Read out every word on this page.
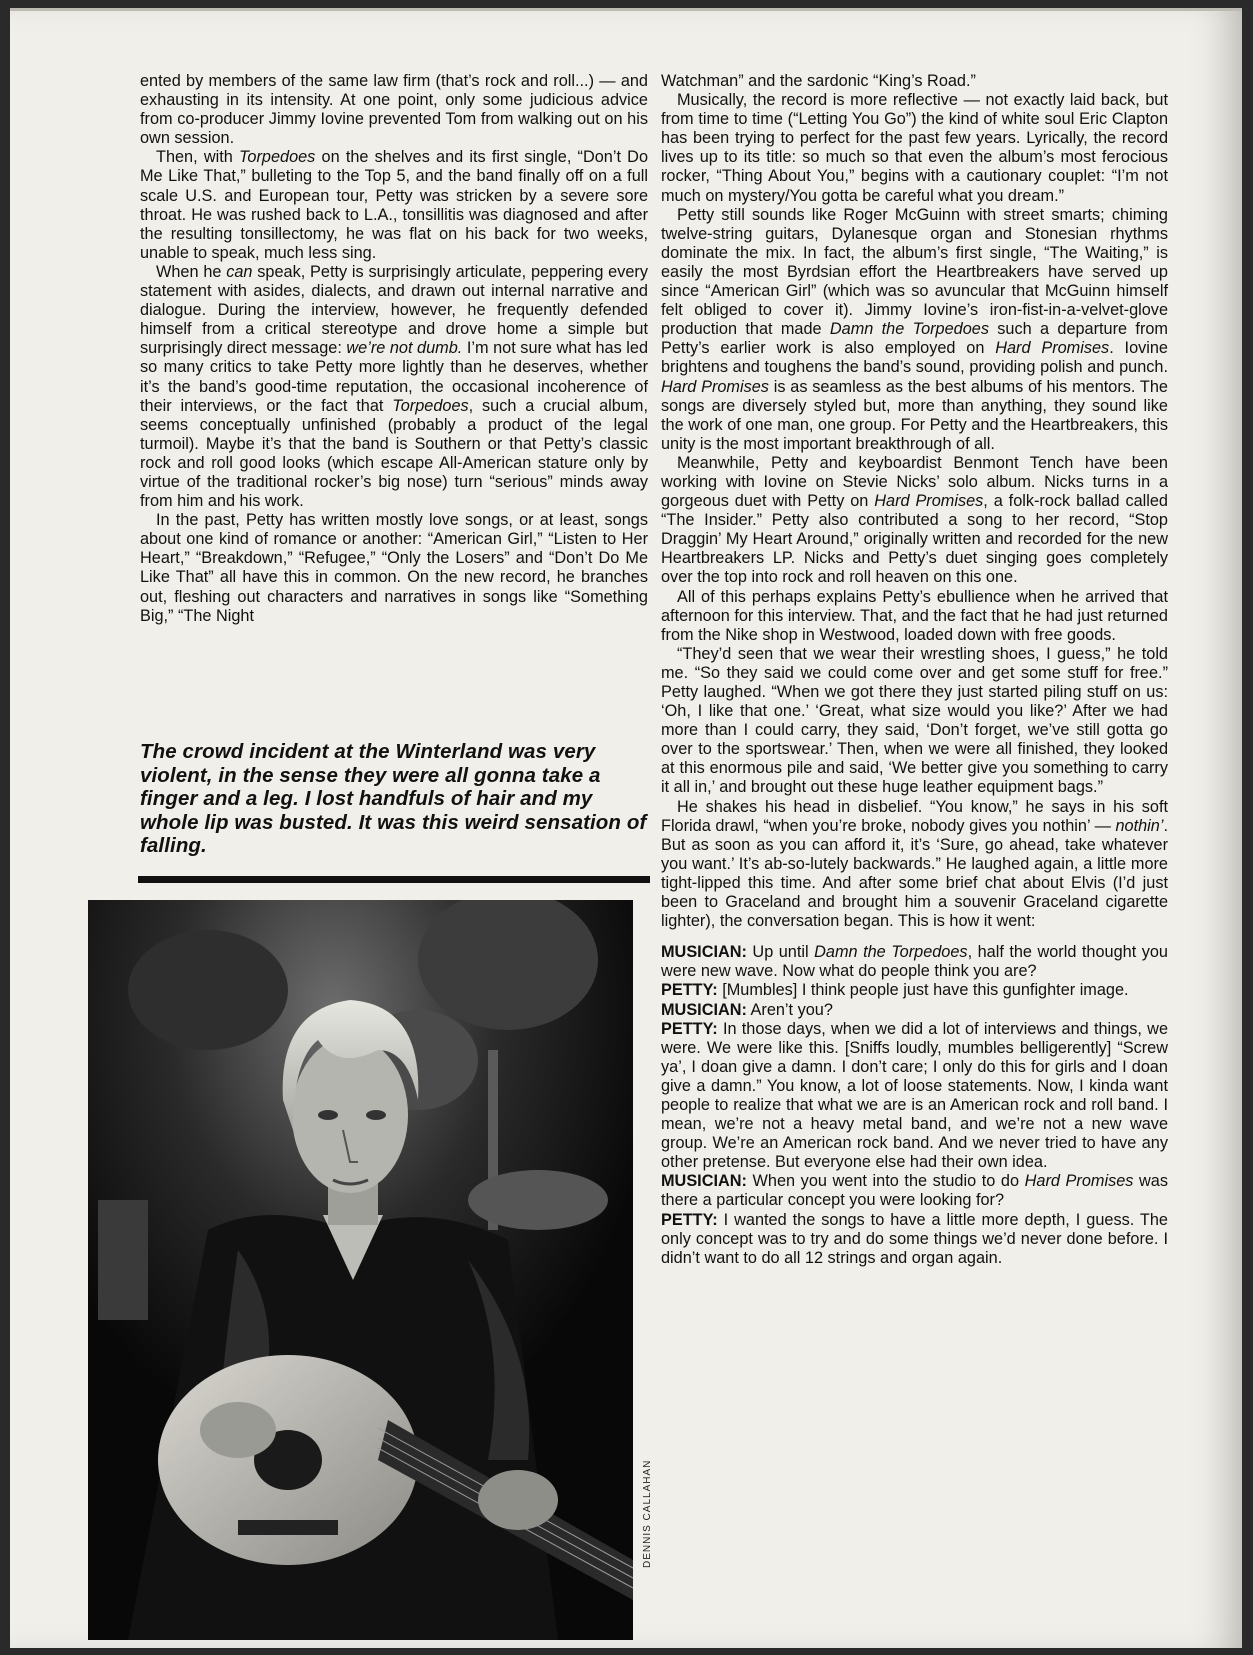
ented by members of the same law firm (that’s rock and roll...) — and exhausting in its intensity. At one point, only some judicious advice from co-producer Jimmy Iovine prevented Tom from walking out on his own session.

Then, with Torpedoes on the shelves and its first single, “Don’t Do Me Like That,” bulleting to the Top 5, and the band finally off on a full scale U.S. and European tour, Petty was stricken by a severe sore throat. He was rushed back to L.A., tonsillitis was diagnosed and after the resulting tonsillectomy, he was flat on his back for two weeks, unable to speak, much less sing.

When he can speak, Petty is surprisingly articulate, peppering every statement with asides, dialects, and drawn out internal narrative and dialogue. During the interview, however, he frequently defended himself from a critical stereotype and drove home a simple but surprisingly direct message: we’re not dumb. I’m not sure what has led so many critics to take Petty more lightly than he deserves, whether it’s the band’s good-time reputation, the occasional incoherence of their interviews, or the fact that Torpedoes, such a crucial album, seems conceptually unfinished (probably a product of the legal turmoil). Maybe it’s that the band is Southern or that Petty’s classic rock and roll good looks (which escape All-American stature only by virtue of the traditional rocker’s big nose) turn “serious” minds away from him and his work.

In the past, Petty has written mostly love songs, or at least, songs about one kind of romance or another: “American Girl,” “Listen to Her Heart,” “Breakdown,” “Refugee,” “Only the Losers” and “Don’t Do Me Like That” all have this in common. On the new record, he branches out, fleshing out characters and narratives in songs like “Something Big,” “The Night

The crowd incident at the Winterland was very violent, in the sense they were all gonna take a finger and a leg. I lost handfuls of hair and my whole lip was busted. It was this weird sensation of falling.
DENNIS CALLAHAN

Watchman” and the sardonic “King’s Road.”

Musically, the record is more reflective — not exactly laid back, but from time to time (“Letting You Go”) the kind of white soul Eric Clapton has been trying to perfect for the past few years. Lyrically, the record lives up to its title: so much so that even the album’s most ferocious rocker, “Thing About You,” begins with a cautionary couplet: “I’m not much on mystery/You gotta be careful what you dream.”

Petty still sounds like Roger McGuinn with street smarts; chiming twelve-string guitars, Dylanesque organ and Stonesian rhythms dominate the mix. In fact, the album’s first single, “The Waiting,” is easily the most Byrdsian effort the Heartbreakers have served up since “American Girl” (which was so avuncular that McGuinn himself felt obliged to cover it). Jimmy Iovine’s iron-fist-in-a-velvet-glove production that made Damn the Torpedoes such a departure from Petty’s earlier work is also employed on Hard Promises. Iovine brightens and toughens the band’s sound, providing polish and punch. Hard Promises is as seamless as the best albums of his mentors. The songs are diversely styled but, more than anything, they sound like the work of one man, one group. For Petty and the Heartbreakers, this unity is the most important breakthrough of all.

Meanwhile, Petty and keyboardist Benmont Tench have been working with Iovine on Stevie Nicks’ solo album. Nicks turns in a gorgeous duet with Petty on Hard Promises, a folk-rock ballad called “The Insider.” Petty also contributed a song to her record, “Stop Draggin’ My Heart Around,” originally written and recorded for the new Heartbreakers LP. Nicks and Petty’s duet singing goes completely over the top into rock and roll heaven on this one.

All of this perhaps explains Petty’s ebullience when he arrived that afternoon for this interview. That, and the fact that he had just returned from the Nike shop in Westwood, loaded down with free goods.

“They’d seen that we wear their wrestling shoes, I guess,” he told me. “So they said we could come over and get some stuff for free.” Petty laughed. “When we got there they just started piling stuff on us: ‘Oh, I like that one.’ ‘Great, what size would you like?’ After we had more than I could carry, they said, ‘Don’t forget, we’ve still gotta go over to the sportswear.’ Then, when we were all finished, they looked at this enormous pile and said, ‘We better give you something to carry it all in,’ and brought out these huge leather equipment bags.”

He shakes his head in disbelief. “You know,” he says in his soft Florida drawl, “when you’re broke, nobody gives you nothin’ — nothin’. But as soon as you can afford it, it’s ‘Sure, go ahead, take whatever you want.’ It’s ab-so-lutely backwards.” He laughed again, a little more tight-lipped this time. And after some brief chat about Elvis (I’d just been to Graceland and brought him a souvenir Graceland cigarette lighter), the conversation began. This is how it went:

MUSICIAN: Up until Damn the Torpedoes, half the world thought you were new wave. Now what do people think you are?

PETTY: [Mumbles] I think people just have this gunfighter image.

MUSICIAN: Aren’t you?

PETTY: In those days, when we did a lot of interviews and things, we were. We were like this. [Sniffs loudly, mumbles belligerently] “Screw ya’, I doan give a damn. I don’t care; I only do this for girls and I doan give a damn.” You know, a lot of loose statements. Now, I kinda want people to realize that what we are is an American rock and roll band. I mean, we’re not a heavy metal band, and we’re not a new wave group. We’re an American rock band. And we never tried to have any other pretense. But everyone else had their own idea.

MUSICIAN: When you went into the studio to do Hard Promises was there a particular concept you were looking for?

PETTY: I wanted the songs to have a little more depth, I guess. The only concept was to try and do some things we’d never done before. I didn’t want to do all 12 strings and organ again.
